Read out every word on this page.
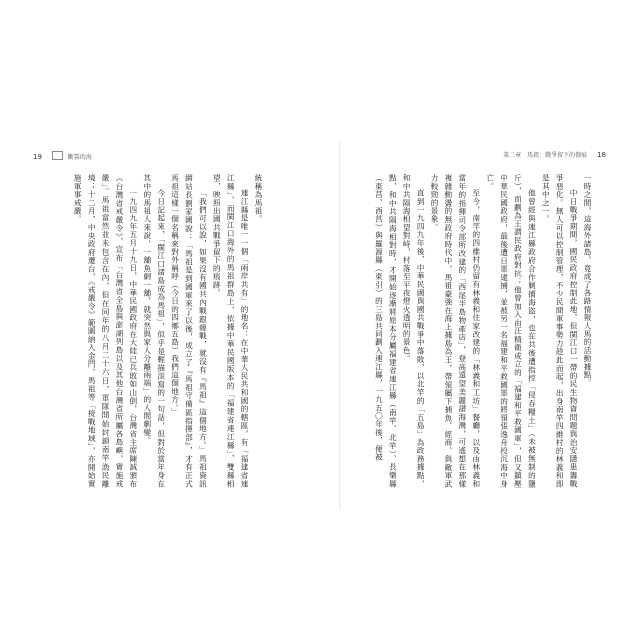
19	斷裂的海

統稱為馬祖。

連江縣是唯一一個「兩岸共有」的地名：在中華人民共和國的轄區，有「福建省連江縣」，而閩江口海外的馬祖群島上，依據中華民國版本的「福建省連江縣」，雙縣相望，映照出國共戰爭留下的痕跡。

「我們可以說，如果沒有國共內戰跟韓戰，就沒有『馬祖』這個地方。」馬祖資訊網站長劉家國說：「馬祖是到國軍來了以後，成立了『馬祖守備區指揮部』，才有正式馬祖這樣一個名稱來對外稱呼（今日的四鄉五島）我們這個地方。」

今日記起來，「閩江口諸島成為馬祖」，似乎是輕描淡寫的一句話，但對於當年身在其中的馬祖人來說，一舖魚網一舖，就突然與家人分離兩端」的人間劇變。

一九四九年五月十九日，中華民國政府在大陸已兵敗如山倒，台灣省主席陳誠頒布《台灣省戒嚴令》，宣布「台灣省全島與澎湖列島以及其他台灣省所屬各島嶼，實施戒嚴」。馬祖當然並未包含在內，但在同年的八月二十六日，軍隊開始封鎖南竿漁民離境；十二月，中央政府遷台，《戒嚴令》範圍納入金門、馬祖等「接戰地域」，亦開始實施軍事戒嚴。

第二章　馬祖：戰爭留下的傷痕 18

一時之間，這海外諸島，竟成了各路情報人馬的活動據點。

中日戰爭期間，國民政府控制此地，但閩江口一帶的民生物資問題與治安隱患籌戰爭惡化。無人可以控制管理，不少民間軍事勢力趁此而起，出身南竿四維村的林義和即是其中之一。

他曾經與連江縣政府合作剿捕海盜，也在共後遭指控「侵吞糧土」（未被無制的鹽斤），而劃為王謂民政府對抗；他曾加入由汪精衛成立的「福建和平救國軍」，但又鎮壓中華民國政府，最後遭日軍逮捕，並被另一名福建和平救國軍的將領張逸舟投沉海中身亡。

至今，南竿的四維村仍留有林義和住家改建的「林義和工坊」餐廳，以及由林義和當年的指揮司令部所改建的「西尾半島物產店」，登高遠望美麗譜海灣，可遙想在那樣複雜動盪的無政府時代中，馬祖豪強在海上據島為王，帶領屬下捕魚、經商、與敵軍武力較勁的景象。

直到一九四九年後，中華民國與國共戰爭中落敗，以北竿的「五島」為政務據點，和中共隔海相望對峙，村落至平夜燈火透明的景色。

點，和中共隔海相對時，才開始逐漸將原本分屬福建省連江縣（南竿、北竿）、長樂縣（東莒、西莒）與羅源縣（東引）的三島共同劃入連江縣，一九五〇年後，便被
